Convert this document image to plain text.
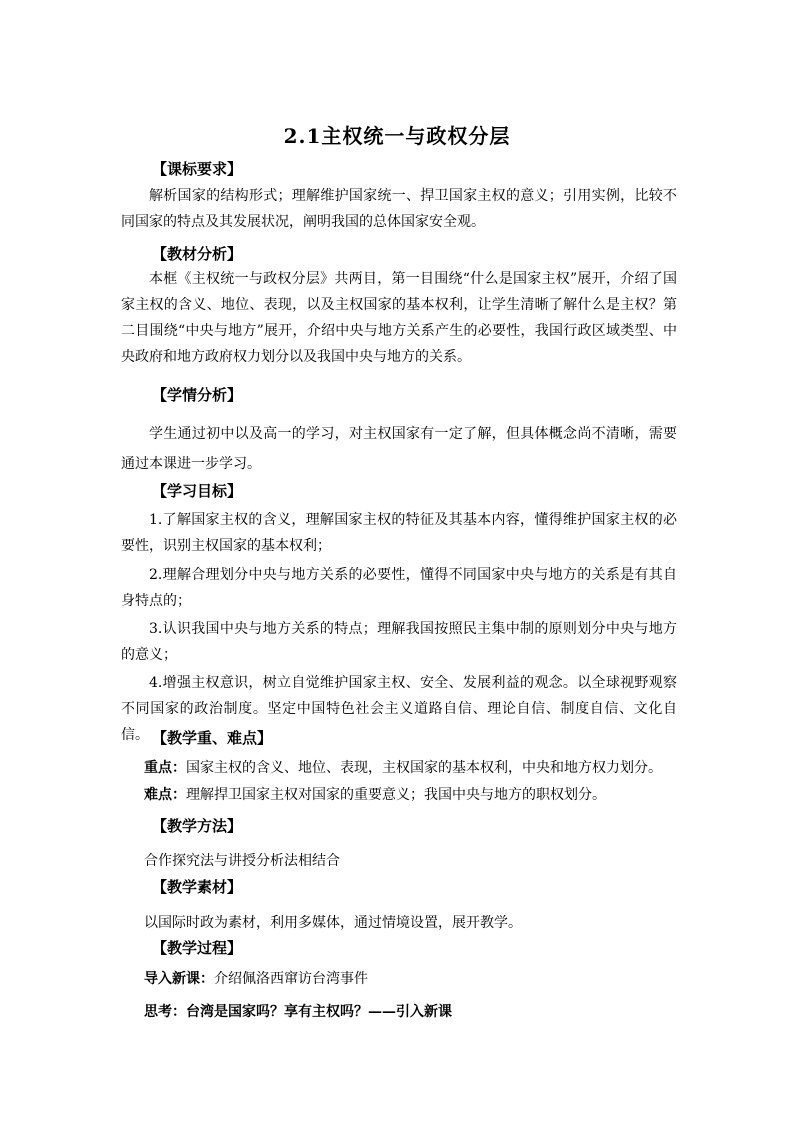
2.1主权统一与政权分层
【课标要求】
解析国家的结构形式；理解维护国家统一、捍卫国家主权的意义；引用实例，比较不同国家的特点及其发展状况，阐明我国的总体国家安全观。
【教材分析】
本框《主权统一与政权分层》共两目，第一目围绕“什么是国家主权”展开，介绍了国家主权的含义、地位、表现，以及主权国家的基本权利，让学生清晰了解什么是主权？第二目围绕“中央与地方”展开，介绍中央与地方关系产生的必要性，我国行政区域类型、中央政府和地方政府权力划分以及我国中央与地方的关系。
【学情分析】
学生通过初中以及高一的学习，对主权国家有一定了解，但具体概念尚不清晰，需要通过本课进一步学习。
【学习目标】
1.了解国家主权的含义，理解国家主权的特征及其基本内容，懂得维护国家主权的必要性，识别主权国家的基本权利；
2.理解合理划分中央与地方关系的必要性，懂得不同国家中央与地方的关系是有其自身特点的；
3.认识我国中央与地方关系的特点；理解我国按照民主集中制的原则划分中央与地方的意义；
4.增强主权意识，树立自觉维护国家主权、安全、发展利益的观念。以全球视野观察不同国家的政治制度。坚定中国特色社会主义道路自信、理论自信、制度自信、文化自信。 【教学重、难点】
重点：国家主权的含义、地位、表现，主权国家的基本权利，中央和地方权力划分。
难点：理解捍卫国家主权对国家的重要意义；我国中央与地方的职权划分。
【教学方法】
合作探究法与讲授分析法相结合
【教学素材】
以国际时政为素材，利用多媒体，通过情境设置，展开教学。
【教学过程】
导入新课：介绍佩洛西窜访台湾事件
思考：台湾是国家吗？享有主权吗？——引入新课
